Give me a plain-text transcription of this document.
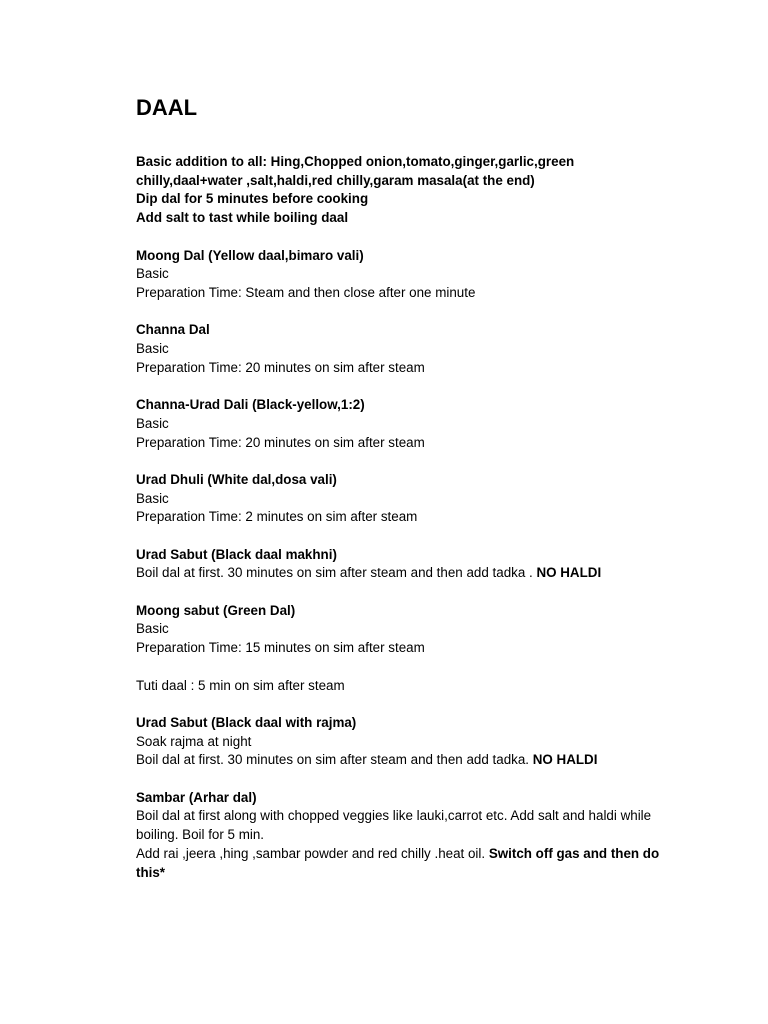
DAAL

Basic addition to all: Hing,Chopped onion,tomato,ginger,garlic,green

chilly,daal+water ,salt,haldi,red chilly,garam masala(at the end)

Dip dal for 5 minutes before cooking

Add salt to tast while boiling daal

Moong Dal (Yellow daal,bimaro vali)

Basic

Preparation Time: Steam and then close after one minute

Channa Dal

Basic

Preparation Time: 20 minutes on sim after steam

Channa-Urad Dali (Black-yellow,1:2)

Basic

Preparation Time: 20 minutes on sim after steam

Urad Dhuli (White dal,dosa vali)

Basic

Preparation Time: 2 minutes on sim after steam

Urad Sabut (Black daal makhni)

Boil dal at first. 30 minutes on sim after steam and then add tadka . NO HALDI

Moong sabut (Green Dal)

Basic

Preparation Time: 15 minutes on sim after steam

Tuti daal : 5 min on sim after steam

Urad Sabut (Black daal with rajma)

Soak rajma at night

Boil dal at first. 30 minutes on sim after steam and then add tadka. NO HALDI

Sambar (Arhar dal)

Boil dal at first along with chopped veggies like lauki,carrot etc. Add salt and haldi while

boiling. Boil for 5 min.

Add rai ,jeera ,hing ,sambar powder and red chilly .heat oil. Switch off gas and then do

this*
